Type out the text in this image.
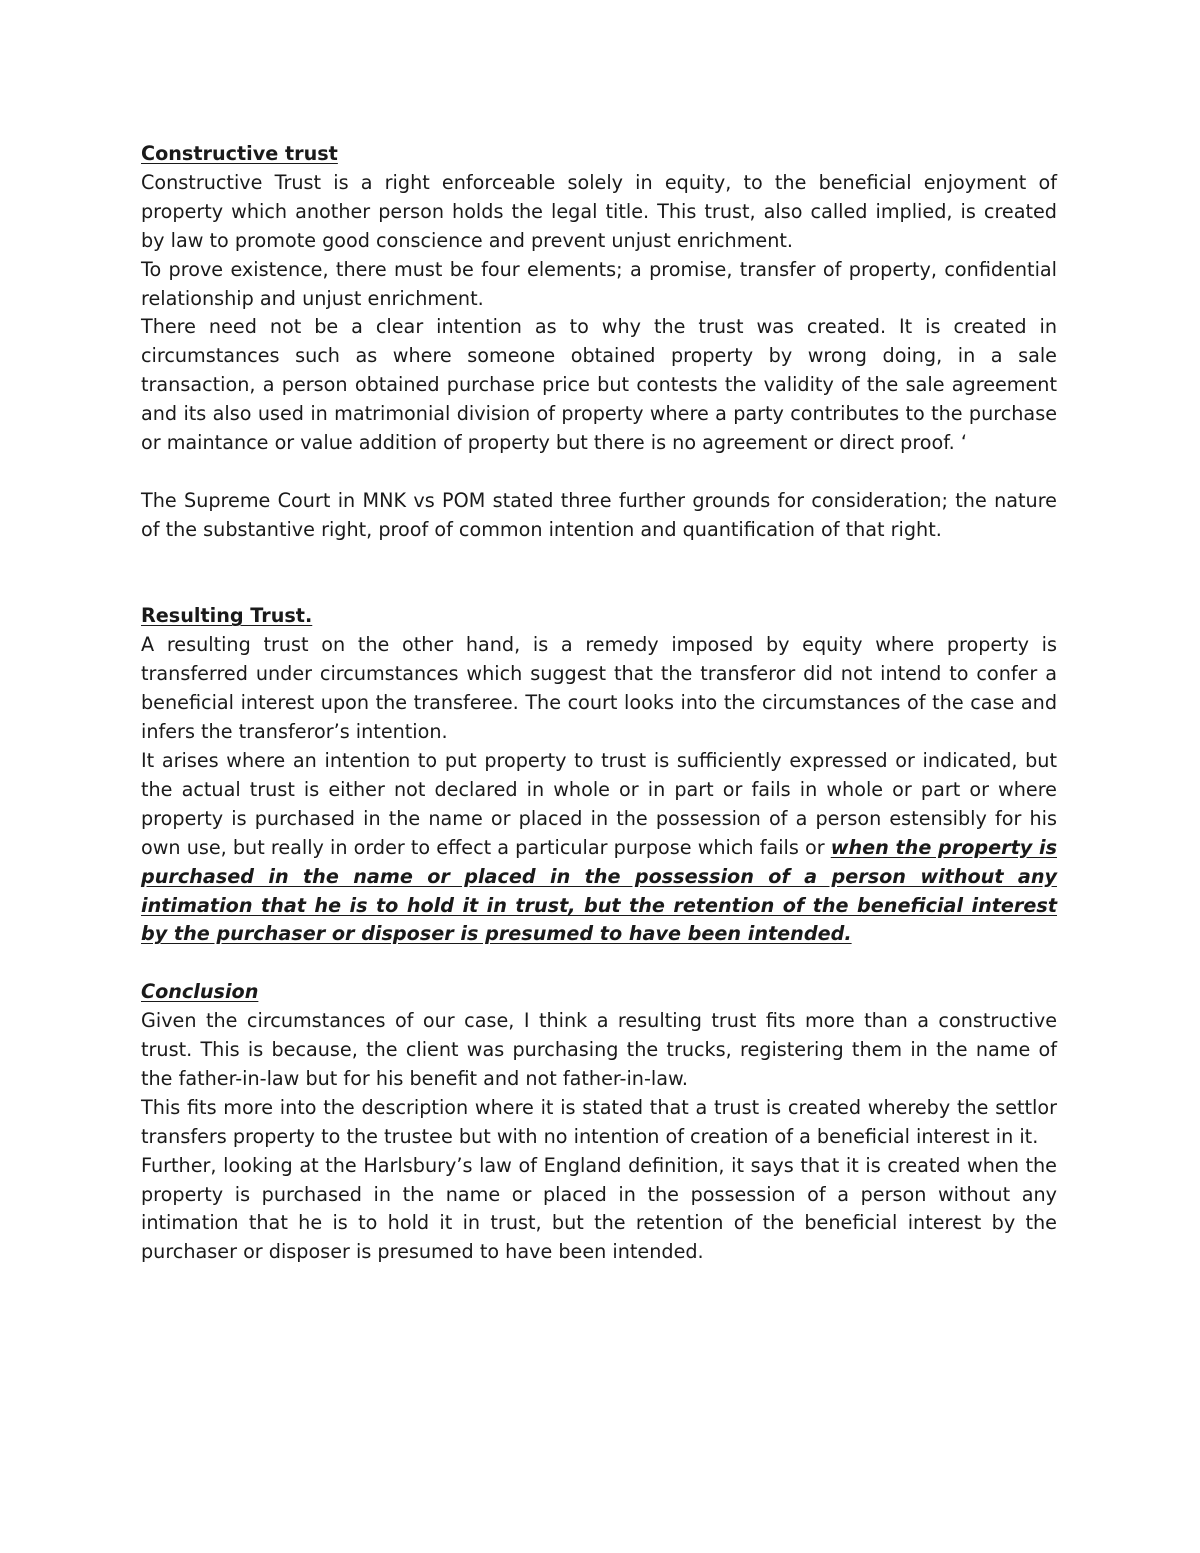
Constructive trust

Constructive Trust is a right enforceable solely in equity, to the beneficial enjoyment of property which another person holds the legal title. This trust, also called implied, is created by law to promote good conscience and prevent unjust enrichment.

To prove existence, there must be four elements; a promise, transfer of property, confidential relationship and unjust enrichment.

There need not be a clear intention as to why the trust was created. It is created in circumstances such as where someone obtained property by wrong doing, in a sale transaction, a person obtained purchase price but contests the validity of the sale agreement and its also used in matrimonial division of property where a party contributes to the purchase or maintance or value addition of property but there is no agreement or direct proof. ‘

The Supreme Court in MNK vs POM stated three further grounds for consideration; the nature of the substantive right, proof of common intention and quantification of that right.

Resulting Trust.

A resulting trust on the other hand, is a remedy imposed by equity where property is transferred under circumstances which suggest that the transferor did not intend to confer a beneficial interest upon the transferee. The court looks into the circumstances of the case and infers the transferor’s intention.

It arises where an intention to put property to trust is sufficiently expressed or indicated, but the actual trust is either not declared in whole or in part or fails in whole or part or where property is purchased in the name or placed in the possession of a person estensibly for his own use, but really in order to effect a particular purpose which fails or when the property is purchased in the name or placed in the possession of a person without any intimation that he is to hold it in trust, but the retention of the beneficial interest by the purchaser or disposer is presumed to have been intended.

Conclusion

Given the circumstances of our case, I think a resulting trust fits more than a constructive trust. This is because, the client was purchasing the trucks, registering them in the name of the father-in-law but for his benefit and not father-in-law.

This fits more into the description where it is stated that a trust is created whereby the settlor transfers property to the trustee but with no intention of creation of a beneficial interest in it.

Further, looking at the Harlsbury’s law of England definition, it says that it is created when the property is purchased in the name or placed in the possession of a person without any intimation that he is to hold it in trust, but the retention of the beneficial interest by the purchaser or disposer is presumed to have been intended.
